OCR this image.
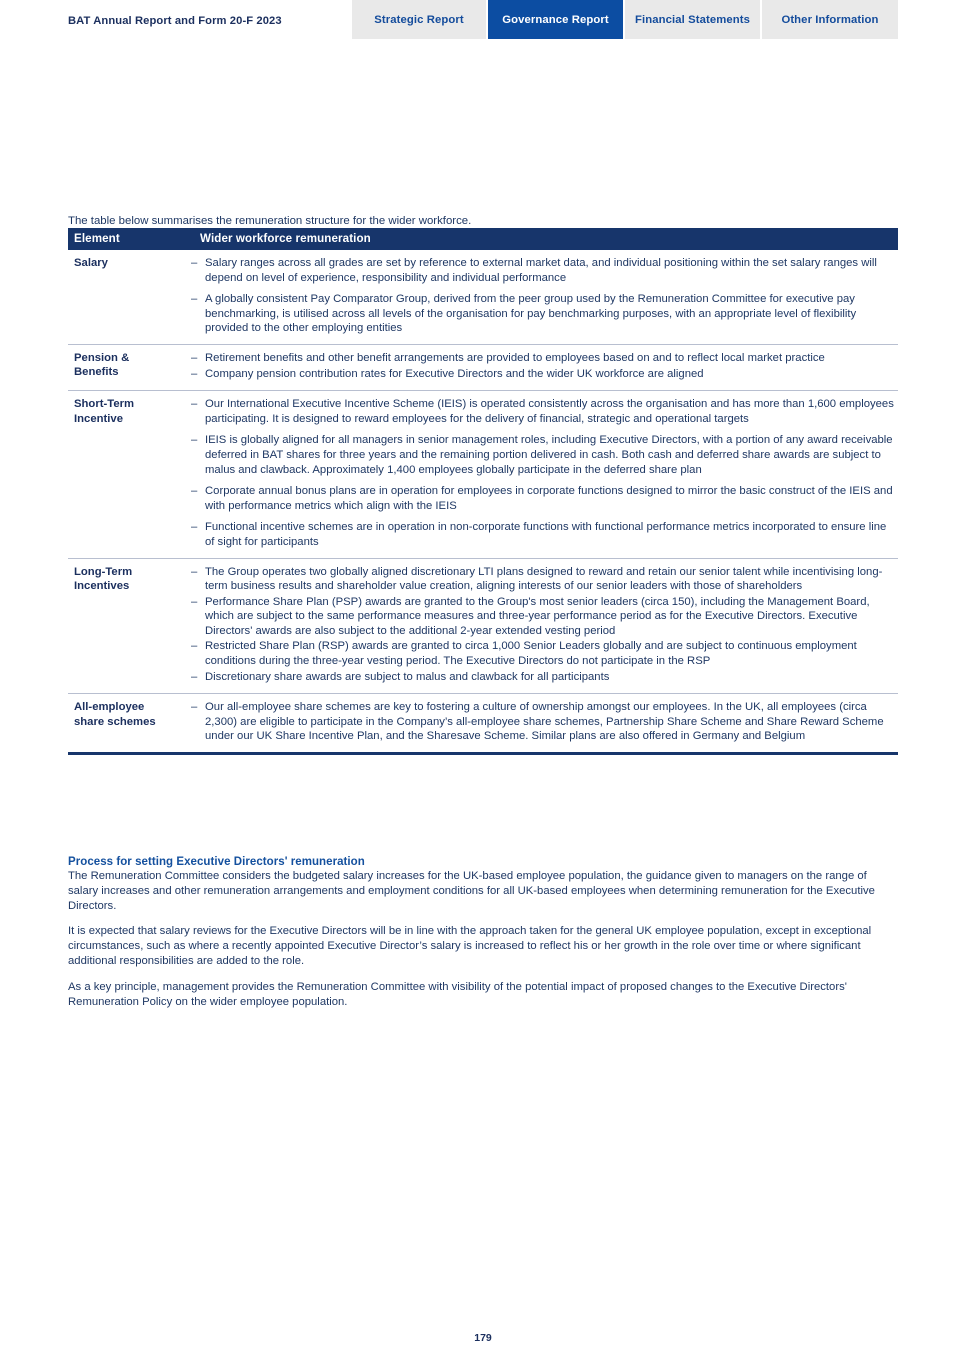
BAT Annual Report and Form 20-F 2023	Strategic Report	Governance Report	Financial Statements	Other Information

The table below summarises the remuneration structure for the wider workforce.

Element	Wider workforce remuneration
Salary	
–Salary ranges across all grades are set by reference to external market data, and individual positioning within the set salary ranges will depend on level of experience, responsibility and individual performance
– A globally consistent Pay Comparator Group, derived from the peer group used by the Remuneration Committee for executive pay benchmarking, is utilised across all levels of the organisation for pay benchmarking purposes, with an appropriate level of flexibility provided to the other employing entities

Pension &
Benefits	
– Retirement benefits and other benefit arrangements are provided to employees based on and to reflect local market practice
– Company pension contribution rates for Executive Directors and the wider UK workforce are aligned

Short-Term
Incentive	
– Our International Executive Incentive Scheme (IEIS) is operated consistently across the organisation and has more than 1,600 employees participating. It is designed to reward employees for the delivery of financial, strategic and operational targets
– IEIS is globally aligned for all managers in senior management roles, including Executive Directors, with a portion of any award receivable deferred in BAT shares for three years and the remaining portion delivered in cash. Both cash and deferred share awards are subject to malus and clawback. Approximately 1,400 employees globally participate in the deferred share plan
– Corporate annual bonus plans are in operation for employees in corporate functions designed to mirror the basic construct of the IEIS and with performance metrics which align with the IEIS
– Functional incentive schemes are in operation in non-corporate functions with functional performance metrics incorporated to ensure line of sight for participants

Long-Term
Incentives	
– The Group operates two globally aligned discretionary LTI plans designed to reward and retain our senior talent while incentivising long-term business results and shareholder value creation, aligning interests of our senior leaders with those of shareholders
– Performance Share Plan (PSP) awards are granted to the Group's most senior leaders (circa 150), including the Management Board, which are subject to the same performance measures and three-year performance period as for the Executive Directors. Executive Directors' awards are also subject to the additional 2-year extended vesting period
– Restricted Share Plan (RSP) awards are granted to circa 1,000 Senior Leaders globally and are subject to continuous employment conditions during the three-year vesting period. The Executive Directors do not participate in the RSP
– Discretionary share awards are subject to malus and clawback for all participants

All-employee
share schemes	
– Our all-employee share schemes are key to fostering a culture of ownership amongst our employees. In the UK, all employees (circa 2,300) are eligible to participate in the Company’s all-employee share schemes, Partnership Share Scheme and Share Reward Scheme under our UK Share Incentive Plan, and the Sharesave Scheme. Similar plans are also offered in Germany and Belgium
Process for setting Executive Directors' remuneration

The Remuneration Committee considers the budgeted salary increases for the UK-based employee population, the guidance given to managers on the range of salary increases and other remuneration arrangements and employment conditions for all UK-based employees when determining remuneration for the Executive Directors.

It is expected that salary reviews for the Executive Directors will be in line with the approach taken for the general UK employee population, except in exceptional circumstances, such as where a recently appointed Executive Director’s salary is increased to reflect his or her growth in the role over time or where significant additional responsibilities are added to the role.

As a key principle, management provides the Remuneration Committee with visibility of the potential impact of proposed changes to the Executive Directors' Remuneration Policy on the wider employee population.

179
